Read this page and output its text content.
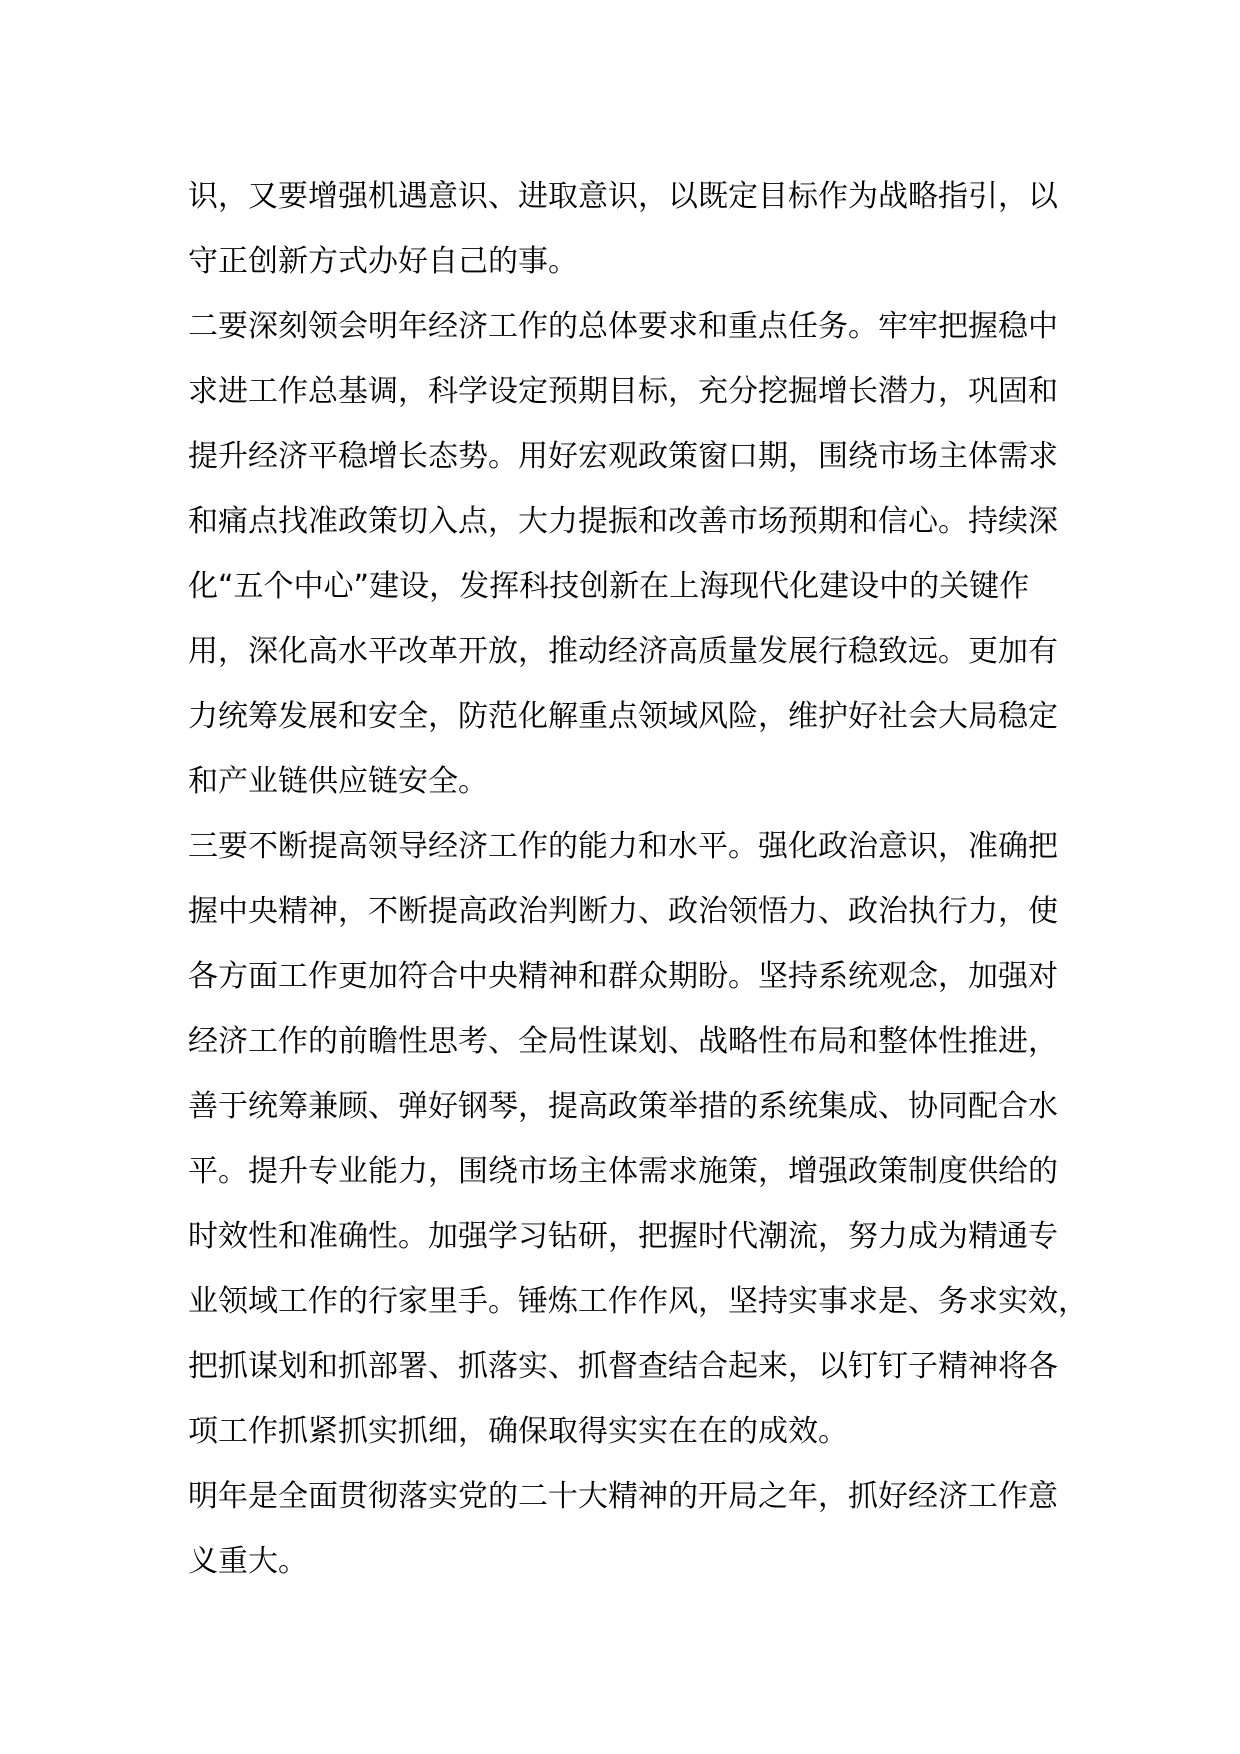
识，又要增强机遇意识、进取意识，以既定目标作为战略指引，以
守正创新方式办好自己的事。
二要深刻领会明年经济工作的总体要求和重点任务。牢牢把握稳中
求进工作总基调，科学设定预期目标，充分挖掘增长潜力，巩固和
提升经济平稳增长态势。用好宏观政策窗口期，围绕市场主体需求
和痛点找准政策切入点，大力提振和改善市场预期和信心。持续深
化“五个中心”建设，发挥科技创新在上海现代化建设中的关键作
用，深化高水平改革开放，推动经济高质量发展行稳致远。更加有
力统筹发展和安全，防范化解重点领域风险，维护好社会大局稳定
和产业链供应链安全。
三要不断提高领导经济工作的能力和水平。强化政治意识，准确把
握中央精神，不断提高政治判断力、政治领悟力、政治执行力，使
各方面工作更加符合中央精神和群众期盼。坚持系统观念，加强对
经济工作的前瞻性思考、全局性谋划、战略性布局和整体性推进，
善于统筹兼顾、弹好钢琴，提高政策举措的系统集成、协同配合水
平。提升专业能力，围绕市场主体需求施策，增强政策制度供给的
时效性和准确性。加强学习钻研，把握时代潮流，努力成为精通专
业领域工作的行家里手。锤炼工作作风，坚持实事求是、务求实效，
把抓谋划和抓部署、抓落实、抓督查结合起来，以钉钉子精神将各
项工作抓紧抓实抓细，确保取得实实在在的成效。
明年是全面贯彻落实党的二十大精神的开局之年，抓好经济工作意
义重大。
